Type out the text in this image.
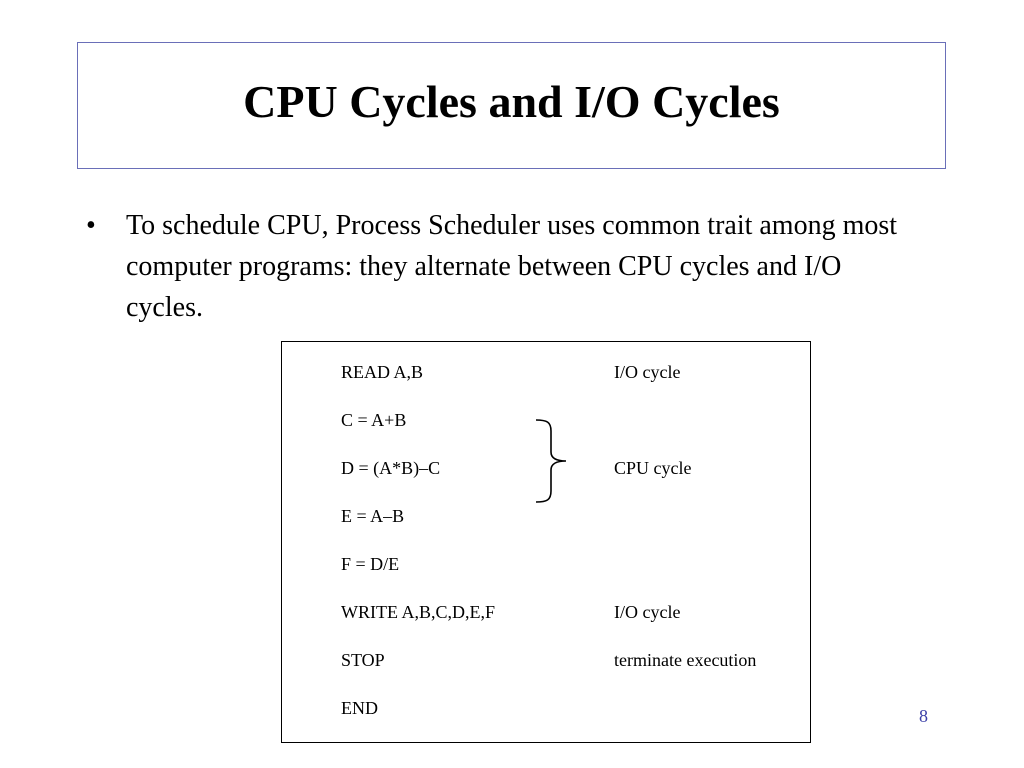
CPU Cycles and I/O Cycles
• To schedule CPU, Process Scheduler uses common trait among most computer programs: they alternate between CPU cycles and I/O cycles.
READ A,B	I/O cycle
C = A+B
D = (A*B)–C	CPU cycle
E = A–B
F = D/E
WRITE A,B,C,D,E,F	I/O cycle
STOP	terminate execution
END	8
